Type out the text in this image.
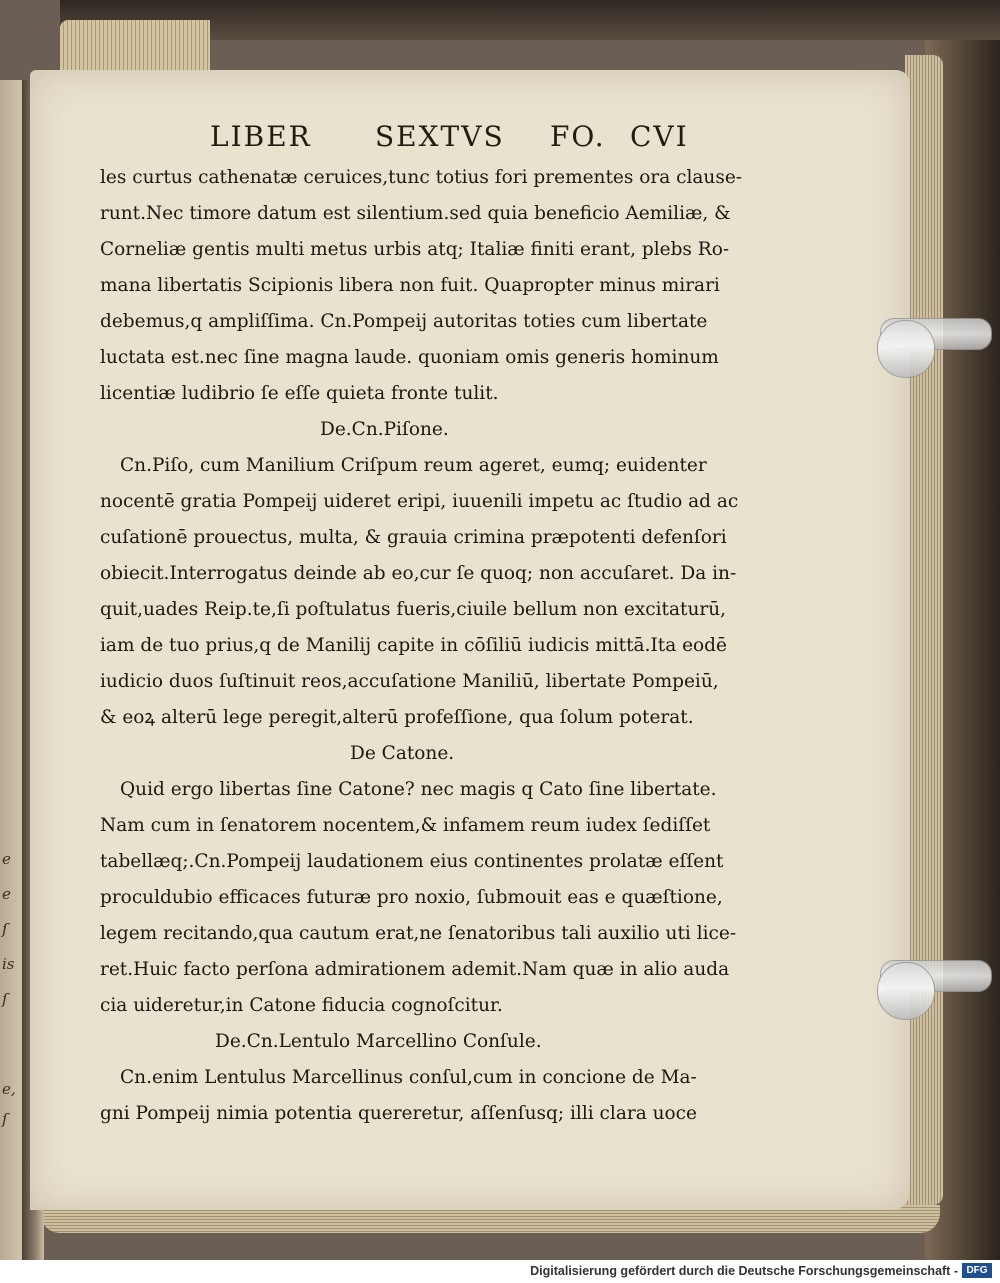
e
e
ſ
is
ſ
e,
ſ
LIBER SEXTVS FO. CVI
les curtus cathenatæ ceruices,tunc totius fori prementes ora clause-
runt.Nec timore datum est silentium.sed quia beneficio Aemiliæ, &
Corneliæ gentis multi metus urbis atq; Italiæ finiti erant, plebs Ro-
mana libertatis Scipionis libera non fuit. Quapropter minus mirari
debemus,q ampliſſima. Cn.Pompeij autoritas toties cum libertate
luctata est.nec ſine magna laude. quoniam omis generis hominum
licentiæ ludibrio ſe eſſe quieta fronte tulit.
De.Cn.Piſone.
Cn.Piſo, cum Manilium Criſpum reum ageret, eumq; euidenter
nocentē gratia Pompeij uideret eripi, iuuenili impetu ac ſtudio ad ac
cuſationē prouectus, multa, & grauia crimina præpotenti defenſori
obiecit.Interrogatus deinde ab eo,cur ſe quoq; non accuſaret. Da in-
quit,uades Reip.te,ſi poſtulatus fueris,ciuile bellum non excitaturū,
iam de tuo prius,q de Manilij capite in cōſiliū iudicis mittā.Ita eodē
iudicio duos ſuſtinuit reos,accuſatione Maniliū, libertate Pompeiū,
& eoꝝ alterū lege peregit,alterū profeſſione, qua ſolum poterat.
De Catone.
Quid ergo libertas ſine Catone? nec magis q Cato ſine libertate.
Nam cum in ſenatorem nocentem,& infamem reum iudex ſediſſet
tabellæq;.Cn.Pompeij laudationem eius continentes prolatæ eſſent
proculdubio efficaces futuræ pro noxio, ſubmouit eas e quæſtione,
legem recitando,qua cautum erat,ne ſenatoribus tali auxilio uti lice-
ret.Huic facto perſona admirationem ademit.Nam quæ in alio auda
cia uideretur,in Catone fiducia cognoſcitur.
De.Cn.Lentulo Marcellino Conſule.
Cn.enim Lentulus Marcellinus conſul,cum in concione de Ma-
gni Pompeij nimia potentia quereretur, aſſenſusq; illi clara uoce
Digitalisierung gefördert durch die Deutsche Forschungsgemeinschaft - DFG
